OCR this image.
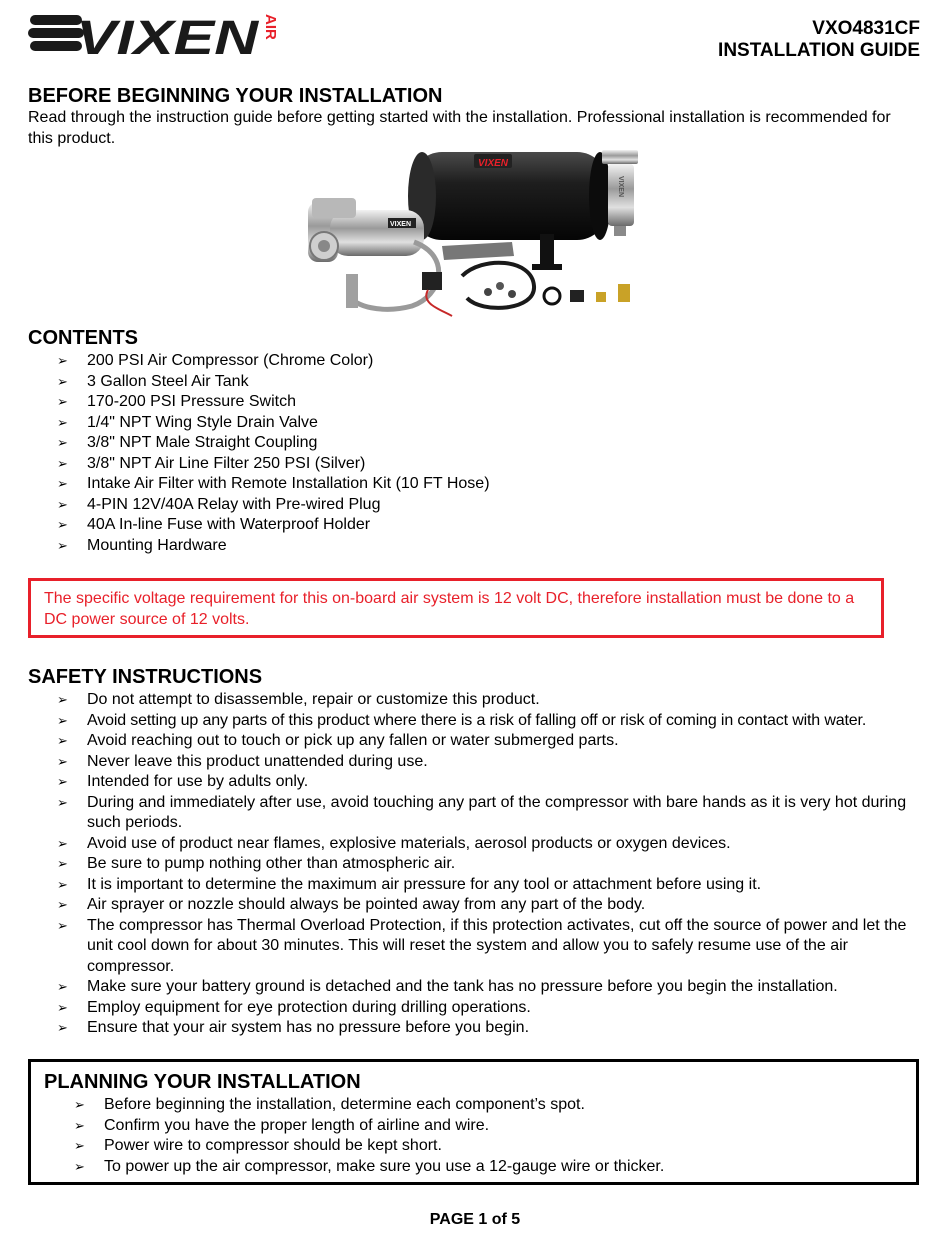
VIXEN AIR	VXO4831CF
INSTALLATION GUIDE
BEFORE BEGINNING YOUR INSTALLATION
Read through the instruction guide before getting started with the installation. Professional installation is recommended for this product.
VIXEN
VIXEN
VIXEN
CONTENTS
➢ 200 PSI Air Compressor (Chrome Color)
➢ 3 Gallon Steel Air Tank
➢ 170-200 PSI Pressure Switch
➢ 1/4" NPT Wing Style Drain Valve
➢ 3/8" NPT Male Straight Coupling
➢ 3/8" NPT Air Line Filter 250 PSI (Silver)
➢ Intake Air Filter with Remote Installation Kit (10 FT Hose)
➢ 4-PIN 12V/40A Relay with Pre-wired Plug
➢ 40A In-line Fuse with Waterproof Holder
➢ Mounting Hardware
The specific voltage requirement for this on-board air system is 12 volt DC, therefore installation must be done to a DC power source of 12 volts.
SAFETY INSTRUCTIONS
➢ Do not attempt to disassemble, repair or customize this product.
➢ Avoid setting up any parts of this product where there is a risk of falling off or risk of coming in contact with water.
➢ Avoid reaching out to touch or pick up any fallen or water submerged parts.
➢ Never leave this product unattended during use.
➢ Intended for use by adults only.
➢ During and immediately after use, avoid touching any part of the compressor with bare hands as it is very hot during such periods.
➢ Avoid use of product near flames, explosive materials, aerosol products or oxygen devices.
➢ Be sure to pump nothing other than atmospheric air.
➢ It is important to determine the maximum air pressure for any tool or attachment before using it.
➢ Air sprayer or nozzle should always be pointed away from any part of the body.
➢ The compressor has Thermal Overload Protection, if this protection activates, cut off the source of power and let the unit cool down for about 30 minutes. This will reset the system and allow you to safely resume use of the air compressor.
➢ Make sure your battery ground is detached and the tank has no pressure before you begin the installation.
➢ Employ equipment for eye protection during drilling operations.
➢ Ensure that your air system has no pressure before you begin.
PLANNING YOUR INSTALLATION
➢ Before beginning the installation, determine each component’s spot.
➢ Confirm you have the proper length of airline and wire.
➢ Power wire to compressor should be kept short.
➢ To power up the air compressor, make sure you use a 12-gauge wire or thicker.
PAGE 1 of 5
